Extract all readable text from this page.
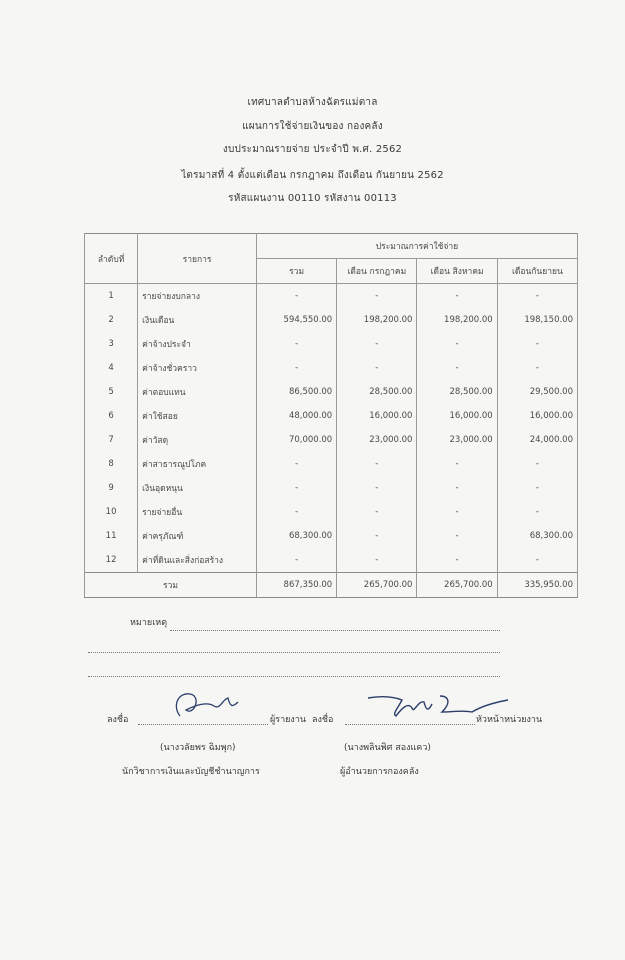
เทศบาลตำบลห้างฉัตรแม่ตาล
แผนการใช้จ่ายเงินของ กองคลัง
งบประมาณรายจ่าย ประจำปี พ.ศ. 2562
ไตรมาสที่ 4 ตั้งแต่เดือน กรกฎาคม ถึงเดือน กันยายน 2562
รหัสแผนงาน 00110 รหัสงาน 00113
ลำดับที่	รายการ	ประมาณการค่าใช้จ่าย			
		รวม	เดือน กรกฎาคม	เดือน สิงหาคม	เดือนกันยายน
1	รายจ่ายงบกลาง	-	-	-	-
2	เงินเดือน	594,550.00	198,200.00	198,200.00	198,150.00
3	ค่าจ้างประจำ	-	-	-	-
4	ค่าจ้างชั่วคราว	-	-	-	-
5	ค่าตอบแทน	86,500.00	28,500.00	28,500.00	29,500.00
6	ค่าใช้สอย	48,000.00	16,000.00	16,000.00	16,000.00
7	ค่าวัสดุ	70,000.00	23,000.00	23,000.00	24,000.00
8	ค่าสาธารณูปโภค	-	-	-	-
9	เงินอุดหนุน	-	-	-	-
10	รายจ่ายอื่น	-	-	-	-
11	ค่าครุภัณฑ์	68,300.00	-	-	68,300.00
12	ค่าที่ดินและสิ่งก่อสร้าง	-	-	-	-
รวม		867,350.00	265,700.00	265,700.00	335,950.00
หมายเหตุ
ลงชื่อ	ผู้รายงาน
(นางวลัยพร ฉิมพุก)
นักวิชาการเงินและบัญชีชำนาญการ
ลงชื่อ	หัวหน้าหน่วยงาน
(นางพลินพิศ สองแคว)
ผู้อำนวยการกองคลัง
